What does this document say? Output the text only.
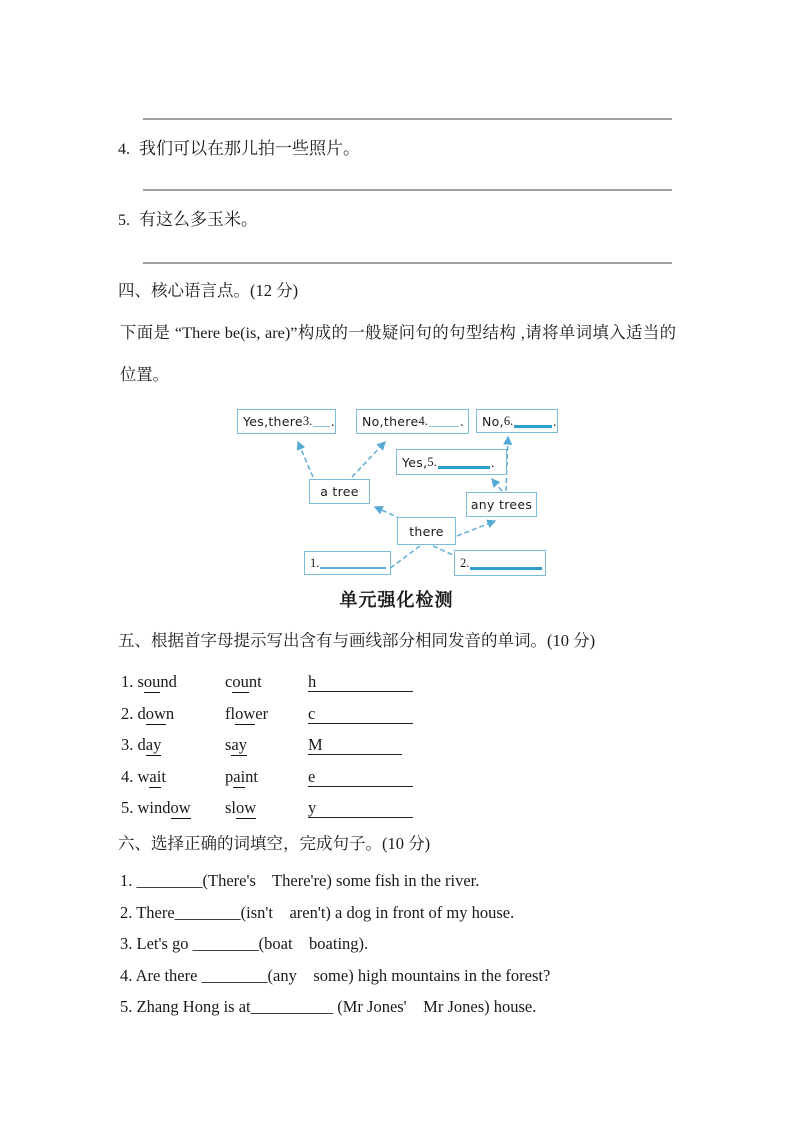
4. 我们可以在那儿拍一些照片。
5. 有这么多玉米。
四、核心语言点。(12 分)
下面是 “There be(is, are)”构成的一般疑问句的句型结构 ,请将单词填入适当的位置。
Yes,there 3. . No,there 4.	. No, 6.	.
Yes, 5.	.
a tree
any trees
there
1.	2.
单元强化检测
五、根据首字母提示写出含有与画线部分相同发音的单词。(10 分)
1. sound	count	h
2. down	flower c
3. day	say	M
4. wait	paint	e
5. window slow	y
六、选择正确的词填空，完成句子。(10 分)
1. ________(There's    There're) some fish in the river.
2. There________(isn't    aren't) a dog in front of my house.
3. Let's go ________(boat    boating).
4. Are there ________(any    some) high mountains in the forest?
5. Zhang Hong is at__________ (Mr Jones'    Mr Jones) house.
